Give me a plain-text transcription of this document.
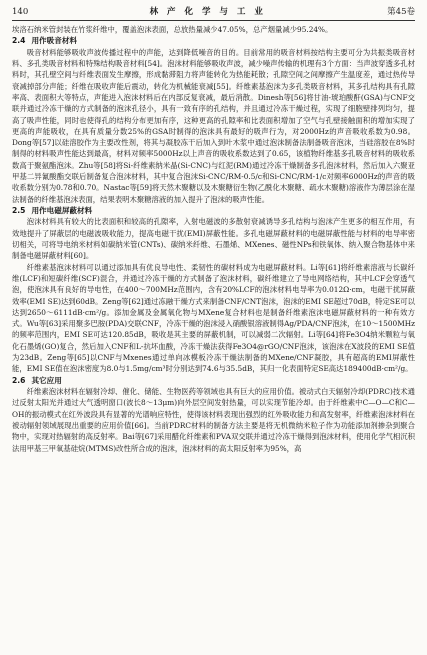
140	林 产 化 学 与 工 业	第45卷

埃洛石纳米管封装在竹浆纤维中，覆盖泡沫表面，总放热量减少47.05%，总产烟量减少95.24%。

2.4 用作吸音材料

吸音材料能够吸收声波传播过程中的声能，达到降低噪音的目的。目前常用的吸音材料按结构主要可分为共振类吸音材料、多孔类吸音材料和特殊结构吸音材料[54]。泡沫材料能够吸收声波，减少噪声传输的机理有3个方面：当声波穿透多孔材料时，其孔壁空间与纤维表面发生摩擦，形成黏滞阻力将声能转化为热能耗散；孔隙空间之间摩擦产生温度差，通过热传导衰减掉部分声能；纤维在吸收声能后震动，转化为机械能衰减[55]。纤维素基泡沫为多孔类吸音材料，其多孔结构具有孔隙率高、表面积大等特点，声能进入泡沫材料后在内部反复衰减，最后消散。Dinesh等[56]将甘油-琥珀酸酐(GSA)与CNF交联并通过冷冻干燥的方式制备的泡沫孔径小，具有一致有序的孔结构，并且通过冷冻干燥过程，实现了细胞壁排列均匀，提高了吸声性能，同时也使得孔的结构分布更加有序，这种更高的孔隙率和比表面积增加了空气与孔壁接触面积的增加实现了更高的声能吸收，在具有质量分数25%的GSA时制得的泡沫具有最好的吸声行为，对2000Hz的声音吸收系数为0.98。Dong等[57]以硅溶胶作为主要改性剂，将其与凝胶冻干后加入到叶木浆中通过泡沫制备法制备吸音泡沫，当硅溶胶在8%时制得的材料吸声性能达到最高，材料对频率5000Hz以上声音的吸收系数达到了0.65，该植物纤维基多孔吸音材料的吸收系数高于聚氨酯泡沫。Zhu等[58]将Si-纤维素纳米晶(Si-CNC)与红泥(RM)通过冷冻干燥制备多孔泡沫材料，然后加入六聚亚甲基二异氰酸酯交联后制备复合泡沫材料，其中复合泡沫Si-CNC/RM-0.5/c和Si-CNC/RM-1/c对频率6000Hz的声音的吸收系数分别为0.78和0.70。Nastac等[59]将天然木聚糖以及木聚糖衍生物(乙酰化木聚糖、疏水木聚糖)溶液作为薄层涂在湿法制备的纤维基泡沫表面，结果表明木聚糖溶液的加入提升了泡沫的吸声性能。

2.5 用作电磁屏蔽材料

泡沫材料具有较大的比表面积和较高的孔隙率，入射电磁波的多散射衰减诱导多孔结构与泡沫产生更多的相互作用，有效地提升了屏蔽层的电磁波吸收能力，提高电磁干扰(EMI)屏蔽性能。多孔电磁屏蔽材料的电磁屏蔽性能与材料的电导率密切相关，可将导电纳米材料如碳纳米管(CNTs)、碳纳米纤维、石墨烯、MXenes、磁性NPs和铁氧体、纳入聚合物基体中来制备电磁屏蔽材料[60]。

纤维素基泡沫材料可以通过添加具有优良导电性、柔韧性的碳材料成为电磁屏蔽材料。Li等[61]将纤维素溶液与长碳纤维(LCF)和短碳纤维(SCF)混合，并通过冷冻干燥的方式制备了泡沫材料，碳纤维建立了导电网络结构，其中LCF会穿透气泡，使泡沫具有良好的导电性，在400～700MHz范围内，含有20%LCF的泡沫材料电导率为0.012Ω·cm，电磁干扰屏蔽效率(EMI SE)达到60dB。Zeng等[62]通过冻融干燥方式来制备CNF/CNT泡沫，泡沫的EMI SE超过70dB，特定SE可以达到2650～6111dB·cm²/g。添加金属及金属氧化物与MXene复合材料也是制备纤维素泡沫电磁屏蔽材料的一种有效方式。Wu等[63]采用聚多巴胺(PDA)交联CNF，冷冻干燥的泡沫浸入硝酸银溶液制得Ag/PDA/CNF泡沫，在10～1500MHz的频率范围内，EMI SE可达120.85dB，吸收是其主要的屏蔽机制，可以减弱二次辐射。Li等[64]将Fe3O4纳米颗粒与氧化石墨烯(GO)复合，然后加入CNF和L-抗坏血酸，冷冻干燥法获得Fe3O4@rGO/CNF泡沫，该泡沫在X波段的EMI SE值为23dB。Zeng等[65]以CNF与Mxenes通过单向冰模板冷冻干燥法制备的MXene/CNF凝胶，具有超高的EMI屏蔽性能，EMI SE值在泡沫密度为8.0与1.5mg/cm³时分别达到74.6与35.5dB，其归一化表面特定SE高达189400dB·cm²/g。

2.6 其它应用

纤维素泡沫材料在辐射冷却、催化、储能、生物医药等领域也具有巨大的应用价值。被动式白天辐射冷却(PDRC)技术通过反射太阳光并通过大气透明窗口(波长8～13μm)向外层空间发射热量，可以实现节能冷却。由于纤维素中C—O—C和C—OH的振动模式在红外波段具有显著的光谱响应特性，使得该材料表现出强烈的红外吸收能力和高发射率，纤维素泡沫材料在被动辐射领域展现出重要的应用价值[66]。当前PDRC材料的制备方法主要是将无机微纳米粒子作为功能添加剂掺杂到聚合物中，实现对热辐射的高反射率。Bai等[67]采用醋化纤维素和PVA双交联并通过冷冻干燥得到泡沫材料，使用化学气相沉积法用甲基三甲氧基硅烷(MTMS)改性所合成的泡沫，泡沫材料的高太阳反射率为95%，高
